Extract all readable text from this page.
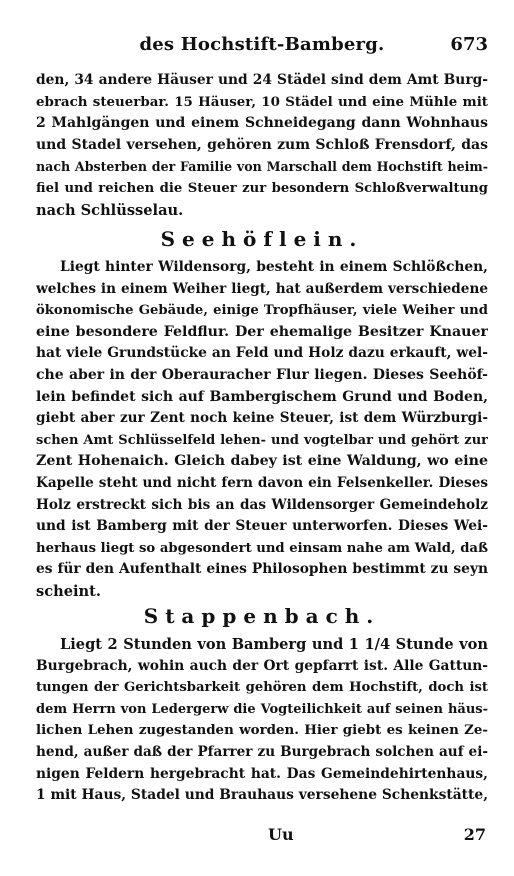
des Hochstift-Bamberg.	673
den, 34 andere Häuser und 24 Städel sind dem Amt Burg-
ebrach steuerbar. 15 Häuser, 10 Städel und eine Mühle mit
2 Mahlgängen und einem Schneidegang dann Wohnhaus
und Stadel versehen, gehören zum Schloß Frensdorf, das
nach Absterben der Familie von Marschall dem Hochstift heim-
fiel und reichen die Steuer zur besondern Schloßverwaltung
nach Schlüsselau.
Seehöflein.
Liegt hinter Wildensorg, besteht in einem Schlößchen,
welches in einem Weiher liegt, hat außerdem verschiedene
ökonomische Gebäude, einige Tropfhäuser, viele Weiher und
eine besondere Feldflur. Der ehemalige Besitzer Knauer
hat viele Grundstücke an Feld und Holz dazu erkauft, wel-
che aber in der Oberauracher Flur liegen. Dieses Seehöf-
lein befindet sich auf Bambergischem Grund und Boden,
giebt aber zur Zent noch keine Steuer, ist dem Würzburgi-
schen Amt Schlüsselfeld lehen- und vogtelbar und gehört zur
Zent Hohenaich. Gleich dabey ist eine Waldung, wo eine
Kapelle steht und nicht fern davon ein Felsenkeller. Dieses
Holz erstreckt sich bis an das Wildensorger Gemeindeholz
und ist Bamberg mit der Steuer unterworfen. Dieses Wei-
herhaus liegt so abgesondert und einsam nahe am Wald, daß
es für den Aufenthalt eines Philosophen bestimmt zu seyn
scheint.
Stappenbach.
Liegt 2 Stunden von Bamberg und 1 1/4 Stunde von
Burgebrach, wohin auch der Ort gepfarrt ist. Alle Gattun-
tungen der Gerichtsbarkeit gehören dem Hochstift, doch ist
dem Herrn von Ledergerw die Vogteilichkeit auf seinen häus-
lichen Lehen zugestanden worden. Hier giebt es keinen Ze-
hend, außer daß der Pfarrer zu Burgebrach solchen auf ei-
nigen Feldern hergebracht hat. Das Gemeindehirtenhaus,
1 mit Haus, Stadel und Brauhaus versehene Schenkstätte,
Uu	27
